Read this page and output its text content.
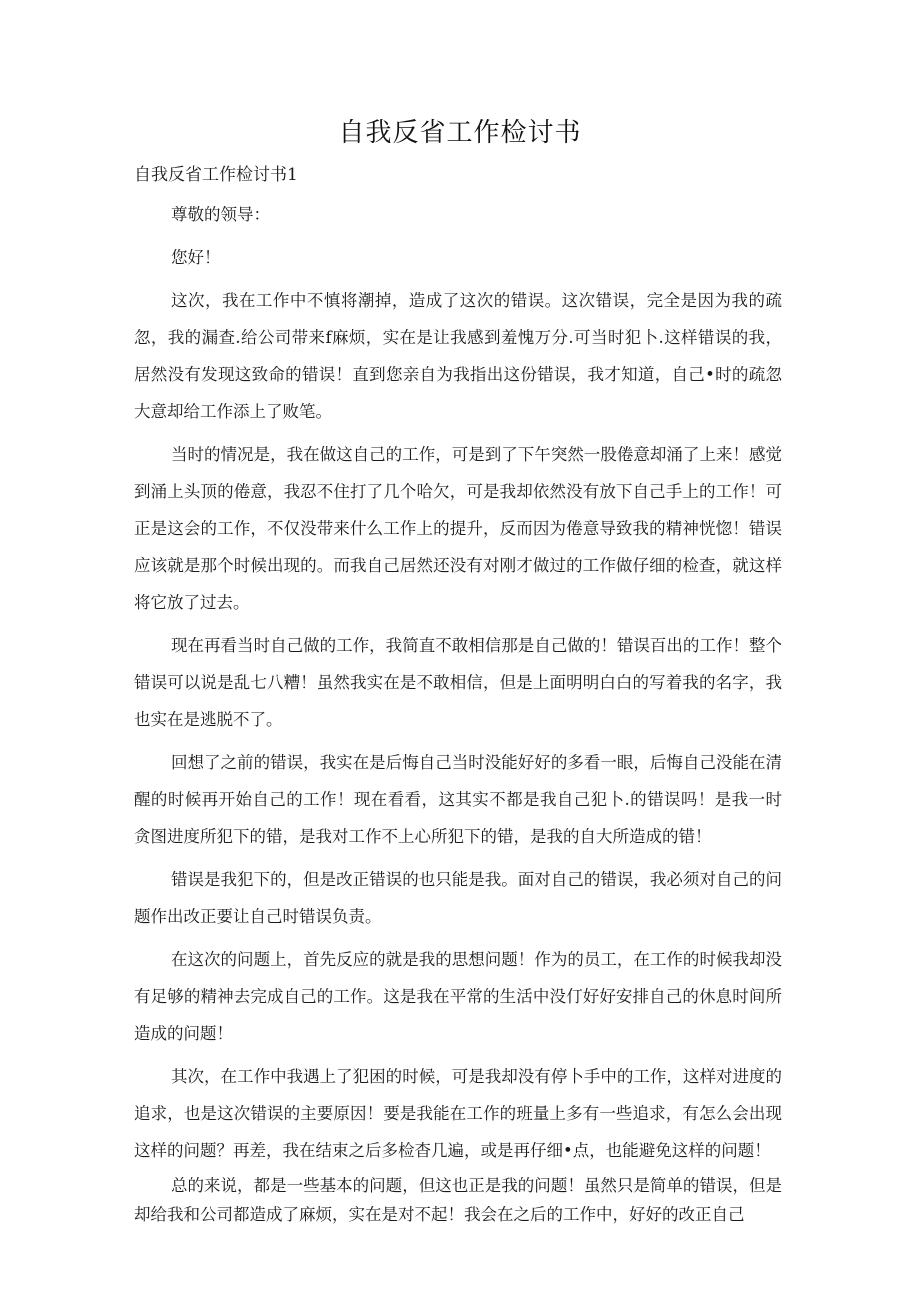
自我反省工作检讨书

自我反省工作检讨书1

尊敬的领导：

您好！

这次，我在工作中不慎将潮掉，造成了这次的错误。这次错误，完全是因为我的疏忽，我的漏查.给公司带来f麻烦，实在是让我感到羞愧万分.可当时犯卜.这样错误的我，居然没有发现这致命的错误！直到您亲自为我指出这份错误，我才知道，自己•时的疏忽大意却给工作添上了败笔。

当时的情况是，我在做这自己的工作，可是到了下午突然一股倦意却涌了上来！感觉到涌上头顶的倦意，我忍不住打了几个哈欠，可是我却依然没有放下自己手上的工作！可正是这会的工作，不仅没带来什么工作上的提升，反而因为倦意导致我的精神恍惚！错误应该就是那个时候出现的。而我自己居然还没有对刚才做过的工作做仔细的检查，就这样将它放了过去。

现在再看当时自己做的工作，我简直不敢相信那是自己做的！错误百出的工作！整个错误可以说是乱七八糟！虽然我实在是不敢相信，但是上面明明白白的写着我的名字，我也实在是逃脱不了。

回想了之前的错误，我实在是后悔自己当时没能好好的多看一眼，后悔自己没能在清醒的时候再开始自己的工作！现在看看，这其实不都是我自己犯卜.的错误吗！是我一时贪图进度所犯下的错，是我对工作不上心所犯下的错，是我的自大所造成的错！

错误是我犯下的，但是改正错误的也只能是我。面对自己的错误，我必须对自己的问题作出改正要让自己时错误负责。

在这次的问题上，首先反应的就是我的思想问题！作为的员工，在工作的时候我却没有足够的精神去完成自己的工作。这是我在平常的生活中没仃好好安排自己的休息时间所造成的问题！

其次，在工作中我遇上了犯困的时候，可是我却没有停卜手中的工作，这样对进度的追求，也是这次错误的主要原因！要是我能在工作的班量上多有一些追求，有怎么会出现这样的问题？再差，我在结束之后多检杳几遍，或是再仔细•点，也能避免这样的问题！

总的来说，都是一些基本的问题，但这也正是我的问题！虽然只是简单的错误，但是却给我和公司都造成了麻烦，实在是对不起！我会在之后的工作中，好好的改正自己
